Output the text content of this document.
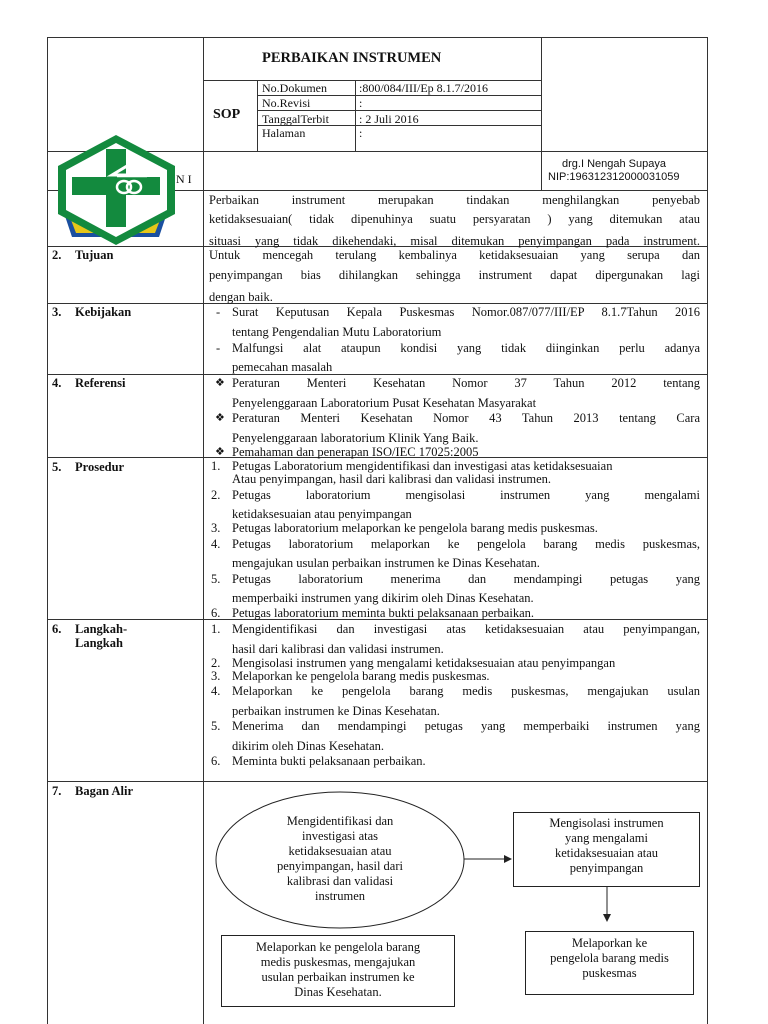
PERBAIKAN INSTRUMEN
SOP
No.Dokumen	:800/084/III/Ep 8.1.7/2016
No.Revisi	:
TanggalTerbit	: 2 Juli 2016
Halaman	:
N I
drg.I Nengah Supaya
NIP:196312312000031059
Perbaikan instrument merupakan tindakan menghilangkan penyebab
ketidaksesuaian( tidak dipenuhinya suatu persyaratan ) yang ditemukan atau
situasi yang tidak dikehendaki, misal ditemukan penyimpangan pada instrument.
2. Tujuan	Untuk mencegah terulang kembalinya ketidaksesuaian yang serupa dan
penyimpangan bias dihilangkan sehingga instrument dapat dipergunakan lagi
dengan baik.
3. Kebijakan	- Surat Keputusan Kepala Puskesmas Nomor.087/077/III/EP 8.1.7Tahun 2016
tentang Pengendalian Mutu Laboratorium
- Malfungsi alat ataupun kondisi yang tidak diinginkan perlu adanya
pemecahan masalah
4. Referensi	❖ Peraturan Menteri Kesehatan Nomor 37 Tahun 2012 tentang
Penyelenggaraan Laboratorium Pusat Kesehatan Masyarakat
❖ Peraturan Menteri Kesehatan Nomor 43 Tahun 2013 tentang Cara
Penyelenggaraan laboratorium Klinik Yang Baik.
❖ Pemahaman dan penerapan ISO/IEC 17025:2005
5. Prosedur	1. Petugas Laboratorium mengidentifikasi dan investigasi atas ketidaksesuaian
Atau penyimpangan, hasil dari kalibrasi dan validasi instrumen.
2. Petugas laboratorium mengisolasi instrumen yang mengalami
ketidaksesuaian atau penyimpangan
3. Petugas laboratorium melaporkan ke pengelola barang medis puskesmas.
4. Petugas laboratorium melaporkan ke pengelola barang medis puskesmas,
mengajukan usulan perbaikan instrumen ke Dinas Kesehatan.
5. Petugas laboratorium menerima dan mendampingi petugas yang
memperbaiki instrumen yang dikirim oleh Dinas Kesehatan.
6. Petugas laboratorium meminta bukti pelaksanaan perbaikan.
6. Langkah-
Langkah
1. Mengidentifikasi dan investigasi atas ketidaksesuaian atau penyimpangan,
hasil dari kalibrasi dan validasi instrumen.
2. Mengisolasi instrumen yang mengalami ketidaksesuaian atau penyimpangan
3. Melaporkan ke pengelola barang medis puskesmas.
4. Melaporkan ke pengelola barang medis puskesmas, mengajukan usulan
perbaikan instrumen ke Dinas Kesehatan.
5. Menerima dan mendampingi petugas yang memperbaiki instrumen yang
dikirim oleh Dinas Kesehatan.
6. Meminta bukti pelaksanaan perbaikan.
7. Bagan Alir
Mengidentifikasi dan
investigasi atas
ketidaksesuaian atau
penyimpangan, hasil dari
kalibrasi dan validasi
instrumen
Mengisolasi instrumen
yang mengalami
ketidaksesuaian atau
penyimpangan
Melaporkan ke
pengelola barang medis
puskesmas
Melaporkan ke pengelola barang
medis puskesmas, mengajukan
usulan perbaikan instrumen ke
Dinas Kesehatan.
